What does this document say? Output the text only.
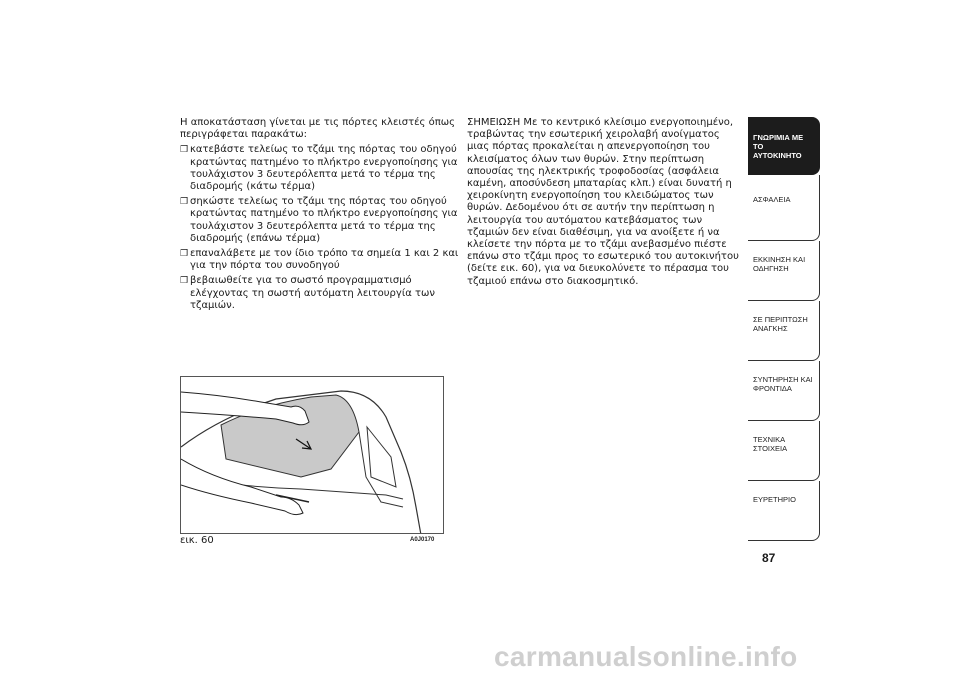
Η αποκατάσταση γίνεται με τις πόρτες κλειστές όπως περιγράφεται παρακάτω:

❒ κατεβάστε τελείως το τζάμι της πόρτας του οδηγού κρατώντας πατημένο το πλήκτρο ενεργοποίησης για τουλάχιστον 3 δευτερόλεπτα μετά το τέρμα της διαδρομής (κάτω τέρμα)
❒ σηκώστε τελείως το τζάμι της πόρτας του οδηγού κρατώντας πατημένο το πλήκτρο ενεργοποίησης για τουλάχιστον 3 δευτερόλεπτα μετά το τέρμα της διαδρομής (επάνω τέρμα)
❒ επαναλάβετε με τον ίδιο τρόπο τα σημεία 1 και 2 και για την πόρτα του συνοδηγού
❒ βεβαιωθείτε για το σωστό προγραμματισμό ελέγχοντας τη σωστή αυτόματη λειτουργία των τζαμιών.

ΣΗΜΕΙΩΣΗ Με το κεντρικό κλείσιμο ενεργοποιημένο, τραβώντας την εσωτερική χειρολαβή ανοίγματος μιας πόρτας προκαλείται η απενεργοποίηση του κλεισίματος όλων των θυρών. Στην περίπτωση απουσίας της ηλεκτρικής τροφοδοσίας (ασφάλεια καμένη, αποσύνδεση μπαταρίας κλπ.) είναι δυνατή η χειροκίνητη ενεργοποίηση του κλειδώματος των θυρών. Δεδομένου ότι σε αυτήν την περίπτωση η λειτουργία του αυτόματου κατεβάσματος των τζαμιών δεν είναι διαθέσιμη, για να ανοίξετε ή να κλείσετε την πόρτα με το τζάμι ανεβασμένο πιέστε επάνω στο τζάμι προς το εσωτερικό του αυτοκινήτου (δείτε εικ. 60), για να διευκολύνετε το πέρασμα του τζαμιού επάνω στο διακοσμητικό.

εικ. 60	A0J0170
ΓΝΩΡΙΜΙΑ ΜΕ ΤΟ ΑΥΤΟΚΙΝΗΤΟ
ΑΣΦΑΛΕΙΑ
ΕΚΚΙΝΗΣΗ ΚΑΙ ΟΔΗΓΗΣΗ
ΣΕ ΠΕΡΙΠΤΩΣΗ ΑΝΑΓΚΗΣ
ΣΥΝΤΗΡΗΣΗ ΚΑΙ ΦΡΟΝΤΙΔΑ
ΤΕΧΝΙΚΑ ΣΤΟΙΧΕΙΑ
ΕΥΡΕΤΗΡΙΟ
87
carmanualsonline.info
